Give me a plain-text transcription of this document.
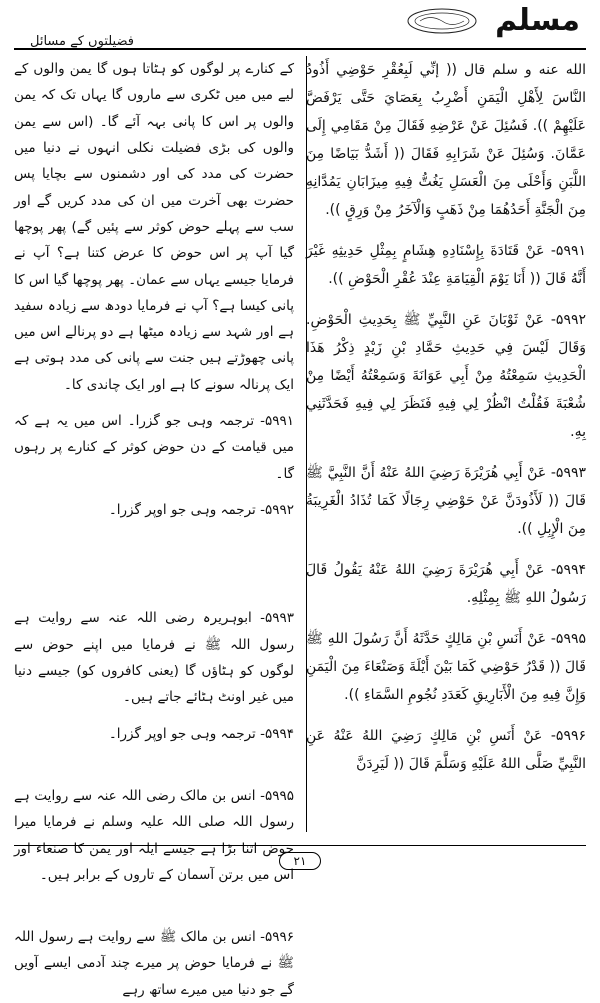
مسلم
فضیلتوں کے مسائل
کے کنارے پر لوگوں کو ہٹاتا ہوں گا یمن والوں کے لیے میں میں ٹکری سے ماروں گا یہاں تک کہ یمن والوں پر اس کا پانی بہہ آئے گا۔ (اس سے یمن والوں کی بڑی فضیلت نکلی انہوں نے دنیا میں حضرت کی مدد کی اور دشمنوں سے بچایا پس حضرت بھی آخرت میں ان کی مدد کریں گے اور سب سے پہلے حوض کوثر سے پئیں گے) پھر پوچھا گیا آپ پر اس حوض کا عرض کتنا ہے؟ آپ نے فرمایا جیسے یہاں سے عمان۔ پھر پوچھا گیا اس کا پانی کیسا ہے؟ آپ نے فرمایا دودھ سے زیادہ سفید ہے اور شہد سے زیادہ میٹھا ہے دو پرنالے اس میں پانی چھوڑتے ہیں جنت سے پانی کی مدد ہوتی ہے ایک پرنالہ سونے کا ہے اور ایک چاندی کا۔
۵۹۹۱- ترجمہ وہی جو گزرا۔ اس میں یہ ہے کہ میں قیامت کے دن حوض کوثر کے کنارے پر رہوں گا۔
۵۹۹۲- ترجمہ وہی جو اوپر گزرا۔
۵۹۹۳- ابوہریرہ رضی اللہ عنہ سے روایت ہے رسول اللہ ﷺ نے فرمایا میں اپنے حوض سے لوگوں کو ہٹاؤں گا (یعنی کافروں کو) جیسے دنیا میں غیر اونٹ ہٹائے جاتے ہیں۔
۵۹۹۴- ترجمہ وہی جو اوپر گزرا۔
۵۹۹۵- انس بن مالک رضی اللہ عنہ سے روایت ہے رسول اللہ صلی اللہ علیہ وسلم نے فرمایا میرا حوض اتنا بڑا ہے جیسے ایلہ اور یمن کا صنعاء اور اس میں برتن آسمان کے تاروں کے برابر ہیں۔
۵۹۹۶- انس بن مالک ﷺ سے روایت ہے رسول اللہ ﷺ نے فرمایا حوض پر میرے چند آدمی ایسے آویں گے جو دنیا میں میرے ساتھ رہے
الله عنه و سلم قال (( إنِّي لَبِعُقْرِ حَوْضِي أَذُودُ النَّاسَ لِأَهْلِ الْيَمَنِ أَضْرِبُ بِعَصَايَ حَتَّى يَرْفَضَّ عَلَيْهِمْ )). فَسُئِلَ عَنْ عَرْضِهِ فَقَالَ مِنْ مَقَامِي إِلَى عَمَّانَ. وَسُئِلَ عَنْ شَرَابِهِ فَقَالَ (( أَشَدُّ بَيَاضًا مِنَ اللَّبَنِ وَأَحْلَى مِنَ الْعَسَلِ يَغُتُّ فِيهِ مِيزَابَانِ يَمُدَّانِهِ مِنَ الْجَنَّةِ أَحَدُهُمَا مِنْ ذَهَبٍ وَالْآخَرُ مِنْ وَرِقٍ )).
۵۹۹۱- عَنْ قَتَادَةَ بِإِسْنَادِهِ هِشَامٍ بِمِثْلِ حَدِيثِهِ غَيْرَ أَنَّهُ قَالَ (( أَنَا يَوْمَ الْقِيَامَةِ عِنْدَ عُقْرِ الْحَوْضِ )).
۵۹۹۲- عَنْ ثَوْبَانَ عَنِ النَّبِيِّ ﷺ بِحَدِيثِ الْحَوْضِ. وَقَالَ لَيْسَ فِي حَدِيثِ حَمَّادِ بْنِ زَيْدٍ ذِكْرُ هَذَا الْحَدِيثِ سَمِعْتُهُ مِنْ أَبِي عَوَانَةَ وَسَمِعْتُهُ أَيْضًا مِنْ شُعْبَةَ فَقُلْتُ انْظُرْ لِي فِيهِ فَنَظَرَ لِي فِيهِ فَحَدَّثَنِي بِهِ.
۵۹۹۳- عَنْ أَبِي هُرَيْرَةَ رَضِيَ اللهُ عَنْهُ أَنَّ النَّبِيَّ ﷺ قَالَ (( لَأَذُودَنَّ عَنْ حَوْضِي رِجَالًا كَمَا تُذَادُ الْغَرِيبَةُ مِنَ الْإِبِلِ )).
۵۹۹۴- عَنْ أَبِي هُرَيْرَةَ رَضِيَ اللهُ عَنْهُ يَقُولُ قَالَ رَسُولُ اللهِ ﷺ بِمِثْلِهِ.
۵۹۹۵- عَنْ أَنَسِ بْنِ مَالِكٍ حَدَّثَهُ أَنَّ رَسُولَ اللهِ ﷺ قَالَ (( قَدْرُ حَوْضِي كَمَا بَيْنَ أَيْلَةَ وَصَنْعَاءَ مِنَ الْيَمَنِ وَإِنَّ فِيهِ مِنَ الْأَبَارِيقِ كَعَدَدِ نُجُومِ السَّمَاءِ )).
۵۹۹۶- عَنْ أَنَسِ بْنِ مَالِكٍ رَضِيَ اللهُ عَنْهُ عَنِ النَّبِيِّ صَلَّى اللهُ عَلَيْهِ وَسَلَّمَ قَالَ (( لَيَرِدَنَّ
۲۱
